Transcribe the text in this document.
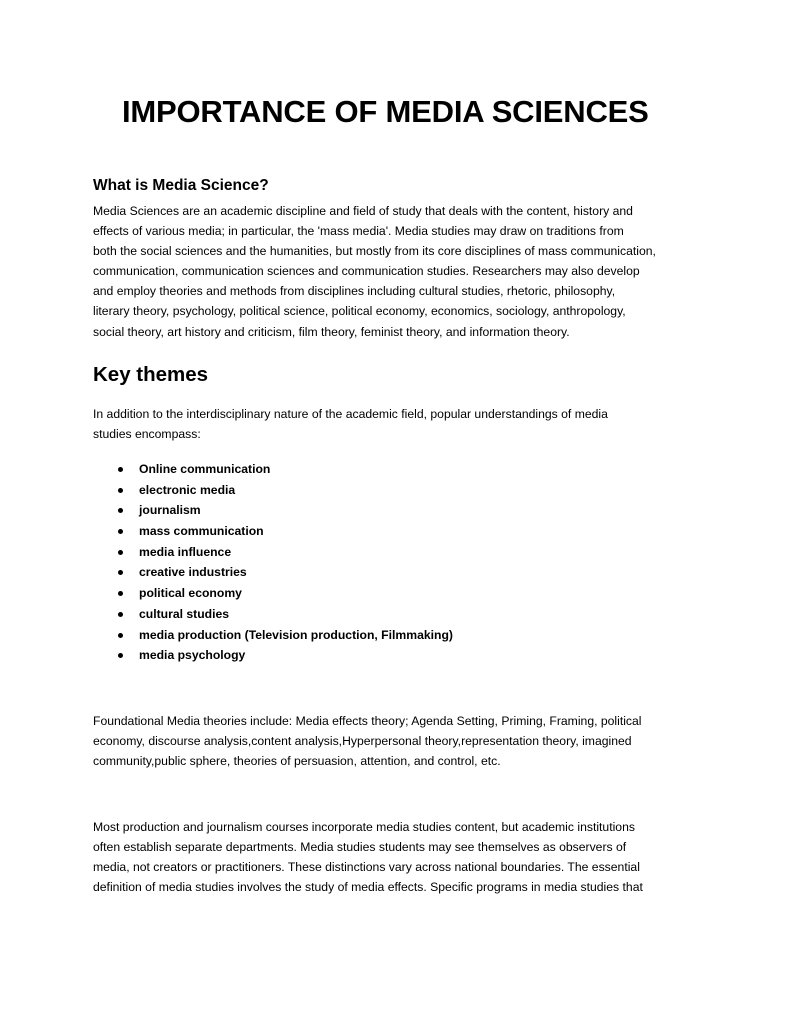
IMPORTANCE OF MEDIA SCIENCES
What is Media Science?

Media Sciences are an academic discipline and field of study that deals with the content, history and
effects of various media; in particular, the 'mass media'. Media studies may draw on traditions from
both the social sciences and the humanities, but mostly from its core disciplines of mass communication,
communication, communication sciences and communication studies. Researchers may also develop
and employ theories and methods from disciplines including cultural studies, rhetoric, philosophy,
literary theory, psychology, political science, political economy, economics, sociology, anthropology,
social theory, art history and criticism, film theory, feminist theory, and information theory.

Key themes

In addition to the interdisciplinary nature of the academic field, popular understandings of media
studies encompass:

Online communication
electronic media
journalism
mass communication
media influence
creative industries
political economy
cultural studies
media production (Television production, Filmmaking)
media psychology

Foundational Media theories include: Media effects theory; Agenda Setting, Priming, Framing, political
economy, discourse analysis,content analysis,Hyperpersonal theory,representation theory, imagined
community,public sphere, theories of persuasion, attention, and control, etc.

Most production and journalism courses incorporate media studies content, but academic institutions
often establish separate departments. Media studies students may see themselves as observers of
media, not creators or practitioners. These distinctions vary across national boundaries. The essential
definition of media studies involves the study of media effects. Specific programs in media studies that
